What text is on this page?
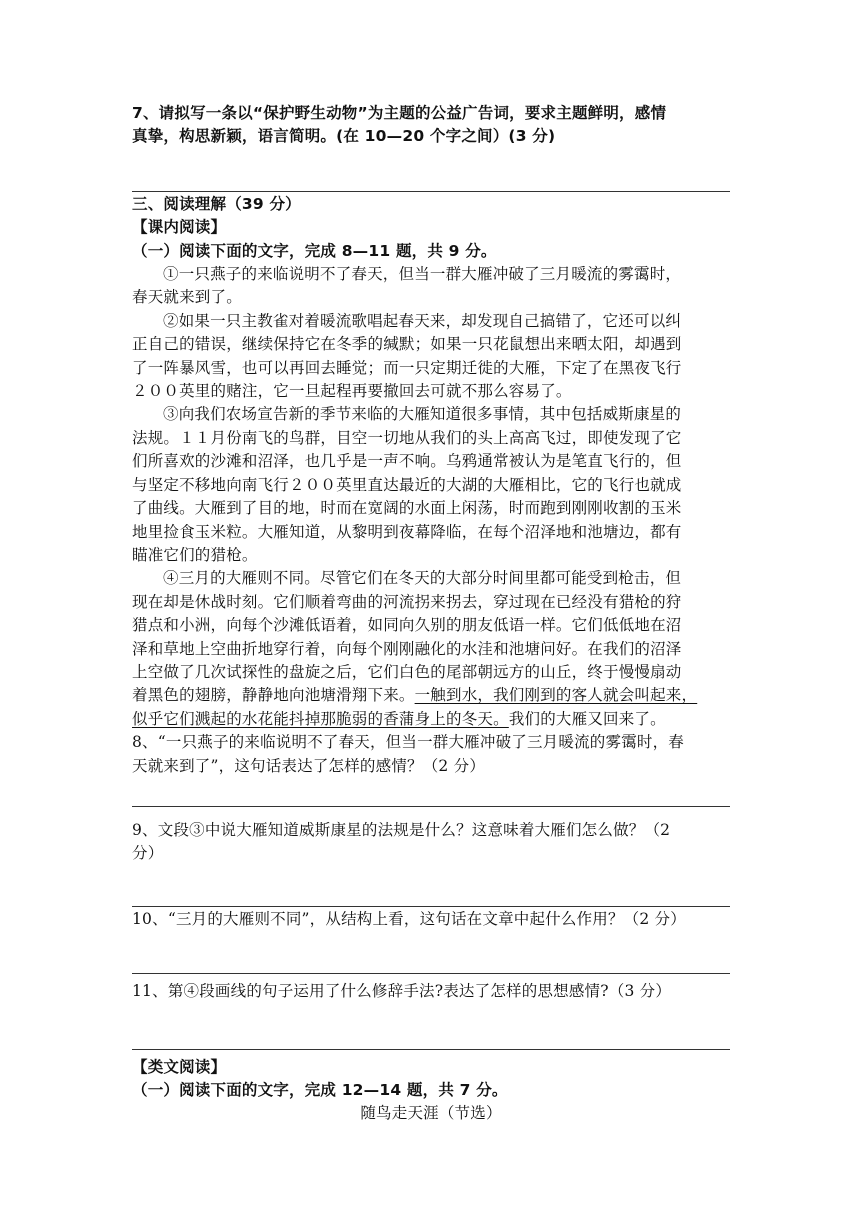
7、请拟写一条以“保护野生动物”为主题的公益广告词，要求主题鲜明，感情
真挚，构思新颖，语言简明。(在 10—20 个字之间）(3 分)
三、阅读理解（39 分）
【课内阅读】
（一）阅读下面的文字，完成 8—11 题，共 9 分。
①一只燕子的来临说明不了春天，但当一群大雁冲破了三月暖流的雾霭时，
春天就来到了。
②如果一只主教雀对着暖流歌唱起春天来，却发现自己搞错了，它还可以纠
正自己的错误，继续保持它在冬季的缄默；如果一只花鼠想出来晒太阳，却遇到
了一阵暴风雪，也可以再回去睡觉；而一只定期迁徙的大雁，下定了在黑夜飞行
２００英里的赌注，它一旦起程再要撤回去可就不那么容易了。
③向我们农场宣告新的季节来临的大雁知道很多事情，其中包括威斯康星的
法规。１１月份南飞的鸟群，目空一切地从我们的头上高高飞过，即使发现了它
们所喜欢的沙滩和沼泽，也几乎是一声不响。乌鸦通常被认为是笔直飞行的，但
与坚定不移地向南飞行２００英里直达最近的大湖的大雁相比，它的飞行也就成
了曲线。大雁到了目的地，时而在宽阔的水面上闲荡，时而跑到刚刚收割的玉米
地里捡食玉米粒。大雁知道，从黎明到夜幕降临，在每个沼泽地和池塘边，都有
瞄准它们的猎枪。
④三月的大雁则不同。尽管它们在冬天的大部分时间里都可能受到枪击，但
现在却是休战时刻。它们顺着弯曲的河流拐来拐去，穿过现在已经没有猎枪的狩
猎点和小洲，向每个沙滩低语着，如同向久别的朋友低语一样。它们低低地在沼
泽和草地上空曲折地穿行着，向每个刚刚融化的水洼和池塘问好。在我们的沼泽
上空做了几次试探性的盘旋之后，它们白色的尾部朝远方的山丘，终于慢慢扇动
着黑色的翅膀，静静地向池塘滑翔下来。一触到水，我们刚到的客人就会叫起来，
似乎它们溅起的水花能抖掉那脆弱的香蒲身上的冬天。我们的大雁又回来了。
8、“一只燕子的来临说明不了春天，但当一群大雁冲破了三月暖流的雾霭时，春
天就来到了”，这句话表达了怎样的感情？（2 分）
9、文段③中说大雁知道威斯康星的法规是什么？这意味着大雁们怎么做？（2
分）
10、“三月的大雁则不同”，从结构上看，这句话在文章中起什么作用？（2 分）
11、第④段画线的句子运用了什么修辞手法?表达了怎样的思想感情?（3 分）
【类文阅读】
（一）阅读下面的文字，完成 12—14 题，共 7 分。
随鸟走天涯（节选）
